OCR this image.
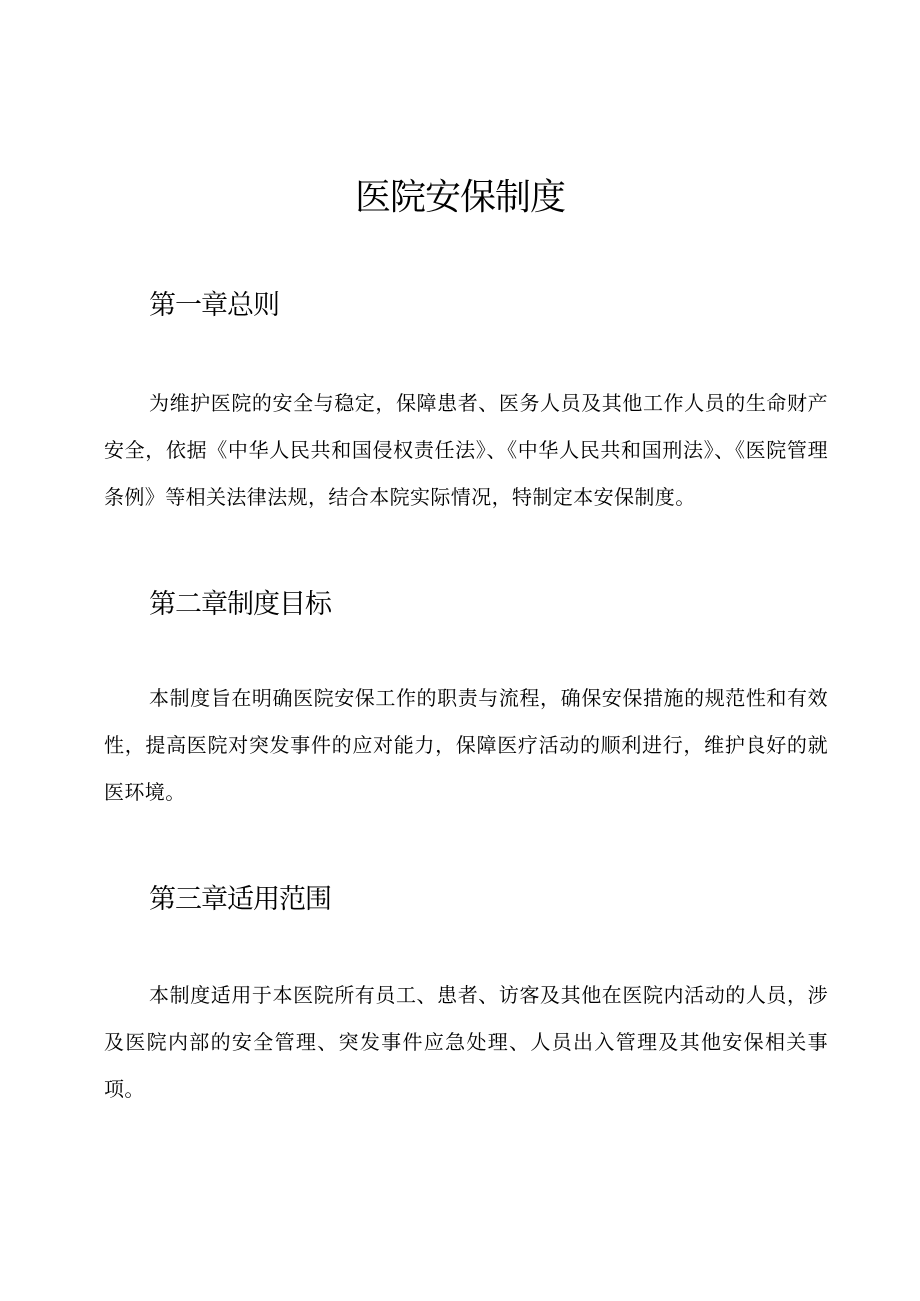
医院安保制度
第一章总则

为维护医院的安全与稳定，保障患者、医务人员及其他工作人员的生命财产安全，依据《中华人民共和国侵权责任法》、《中华人民共和国刑法》、《医院管理条例》等相关法律法规，结合本院实际情况，特制定本安保制度。

第二章制度目标

本制度旨在明确医院安保工作的职责与流程，确保安保措施的规范性和有效性，提高医院对突发事件的应对能力，保障医疗活动的顺利进行，维护良好的就医环境。

第三章适用范围

本制度适用于本医院所有员工、患者、访客及其他在医院内活动的人员，涉及医院内部的安全管理、突发事件应急处理、人员出入管理及其他安保相关事项。
